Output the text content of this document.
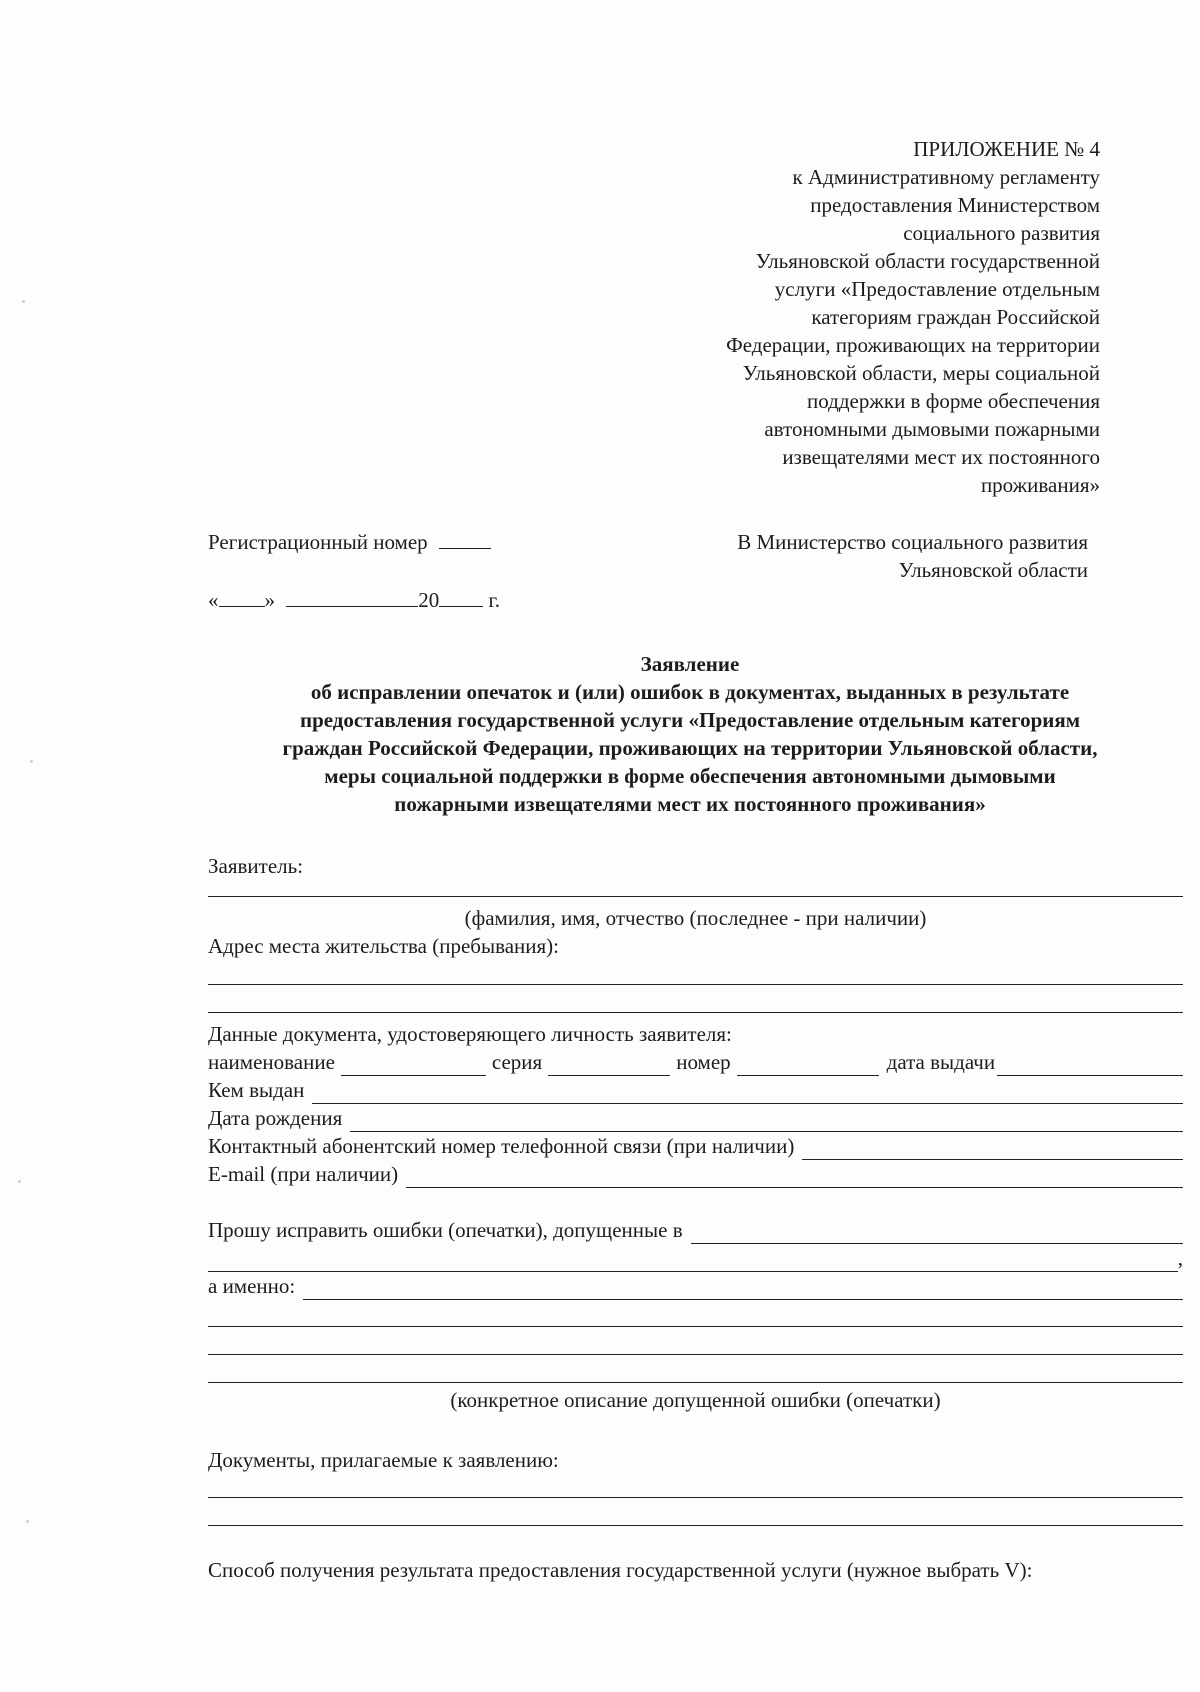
ПРИЛОЖЕНИЕ № 4
к Административному регламенту
предоставления Министерством
социального развития
Ульяновской области государственной
услуги «Предоставление отдельным
категориям граждан Российской
Федерации, проживающих на территории
Ульяновской области, меры социальной
поддержки в форме обеспечения
автономными дымовыми пожарными
извещателями мест их постоянного
проживания»
Регистрационный номер	В Министерство социального развития
Ульяновской области
« »	20 г.
Заявление
об исправлении опечаток и (или) ошибок в документах, выданных в результате
предоставления государственной услуги «Предоставление отдельным категориям
граждан Российской Федерации, проживающих на территории Ульяновской области,
меры социальной поддержки в форме обеспечения автономными дымовыми
пожарными извещателями мест их постоянного проживания»
Заявитель:
(фамилия, имя, отчество (последнее - при наличии)
Адрес места жительства (пребывания):
Данные документа, удостоверяющего личность заявителя:
наименование	серия	номер	дата выдачи
Кем выдан
Дата рождения
Контактный абонентский номер телефонной связи (при наличии)
E-mail (при наличии)
Прошу исправить ошибки (опечатки), допущенные в
,
а именно:
(конкретное описание допущенной ошибки (опечатки)
Документы, прилагаемые к заявлению:
Способ получения результата предоставления государственной услуги (нужное выбрать V):
